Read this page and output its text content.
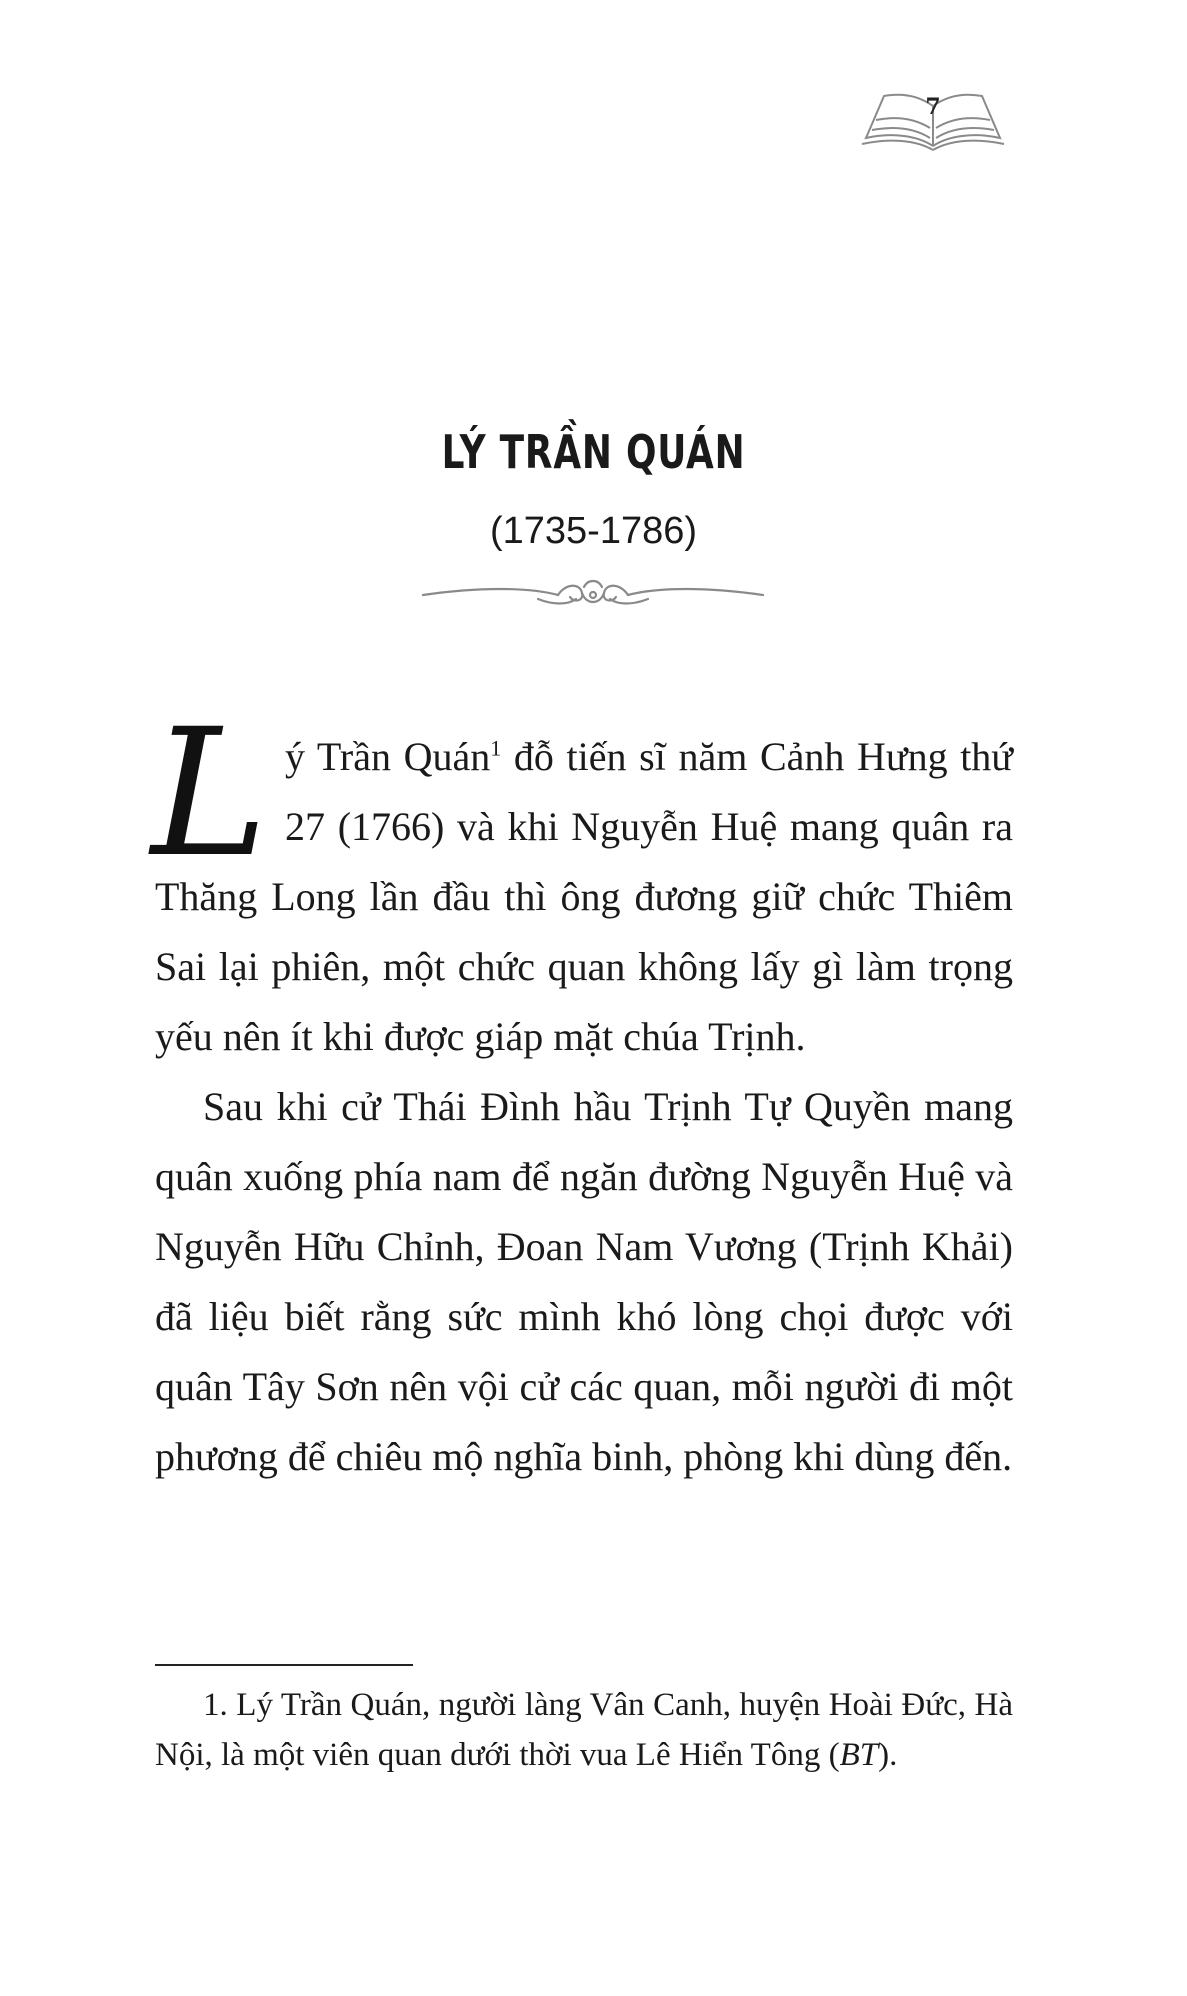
7
LÝ TRẦN QUÁN
(1735-1786)

L ý Trần Quán$^1$ đỗ tiến sĩ năm Cảnh Hưng thứ 27 (1766) và khi Nguyễn Huệ mang quân ra Thăng Long lần đầu thì ông đương giữ chức Thiêm Sai lại phiên, một chức quan không lấy gì làm trọng yếu nên ít khi được giáp mặt chúa Trịnh.

Sau khi cử Thái Đình hầu Trịnh Tự Quyền mang quân xuống phía nam để ngăn đường Nguyễn Huệ và Nguyễn Hữu Chỉnh, Đoan Nam Vương (Trịnh Khải) đã liệu biết rằng sức mình khó lòng chọi được với quân Tây Sơn nên vội cử các quan, mỗi người đi một phương để chiêu mộ nghĩa binh, phòng khi dùng đến.

1. Lý Trần Quán, người làng Vân Canh, huyện Hoài Đức, Hà Nội, là một viên quan dưới thời vua Lê Hiển Tông (BT).
